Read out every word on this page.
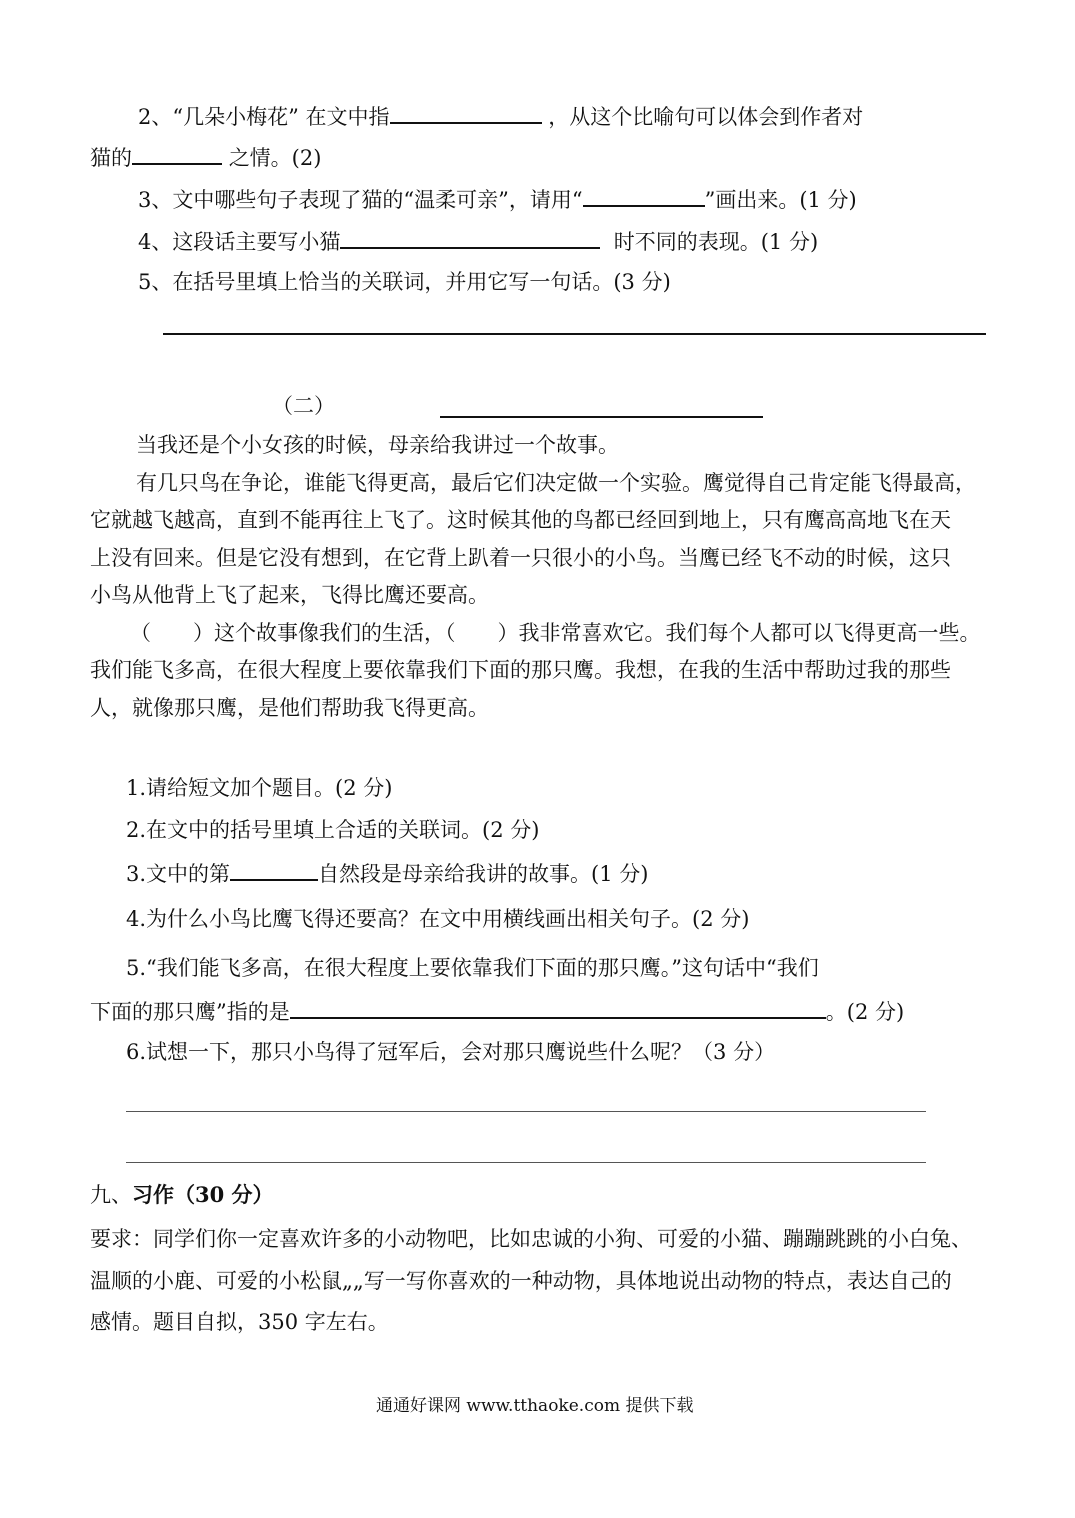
2、“几朵小梅花” 在文中指	，从这个比喻句可以体会到作者对
猫的	之情。(2)
3、文中哪些句子表现了猫的“温柔可亲”，请用“	”画出来。(1 分)
4、这段话主要写小猫	时不同的表现。(1 分)
5、在括号里填上恰当的关联词，并用它写一句话。(3 分)
（二）
当我还是个小女孩的时候，母亲给我讲过一个故事。
有几只鸟在争论，谁能飞得更高，最后它们决定做一个实验。鹰觉得自己肯定能飞得最高，
它就越飞越高，直到不能再往上飞了。这时候其他的鸟都已经回到地上，只有鹰高高地飞在天
上没有回来。但是它没有想到，在它背上趴着一只很小的小鸟。当鹰已经飞不动的时候，这只
小鸟从他背上飞了起来，飞得比鹰还要高。
（　　）这个故事像我们的生活，（　　）我非常喜欢它。我们每个人都可以飞得更高一些。
我们能飞多高，在很大程度上要依靠我们下面的那只鹰。我想，在我的生活中帮助过我的那些
人，就像那只鹰，是他们帮助我飞得更高。
1.请给短文加个题目。(2 分)
2.在文中的括号里填上合适的关联词。(2 分)
3.文中的第	自然段是母亲给我讲的故事。(1 分)
4.为什么小鸟比鹰飞得还要高？在文中用横线画出相关句子。(2 分)
5.“我们能飞多高，在很大程度上要依靠我们下面的那只鹰。”这句话中“我们
下面的那只鹰”指的是	。(2 分)
6.试想一下，那只小鸟得了冠军后，会对那只鹰说些什么呢？（3 分）
九、习作（30 分）
要求：同学们你一定喜欢许多的小动物吧，比如忠诚的小狗、可爱的小猫、蹦蹦跳跳的小白兔、
温顺的小鹿、可爱的小松鼠„„写一写你喜欢的一种动物，具体地说出动物的特点，表达自己的
感情。题目自拟，350 字左右。
通通好课网 www.tthaoke.com 提供下载
